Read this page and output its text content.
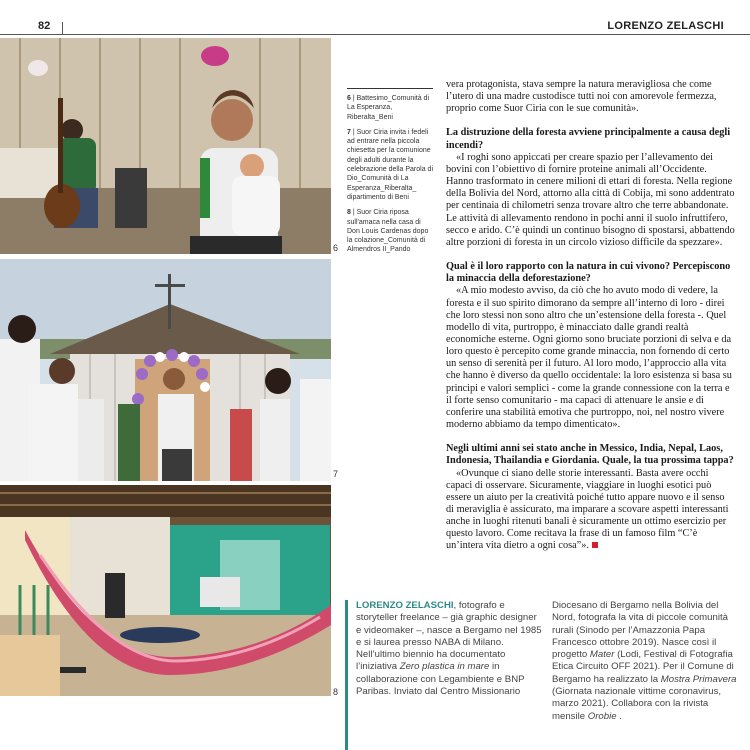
82	LORENZO ZELASCHI
6
7
8
6 | Battesimo_Comunità di La Esperanza, Riberalta_Beni
7 | Suor Ciria invita i fedeli ad entrare nella piccola chiesetta per la comunione degli adulti durante la celebrazione della Parola di Dio_Comunità di La Esperanza_Riberalta_ dipartimento di Beni
8 | Suor Ciria riposa sull'amaca nella casa di Don Louis Cardenas dopo la colazione_Comunità di Almendros II_Pando

vera protagonista, stava sempre la natura meravigliosa che come l’utero di una madre custodisce tutti noi con amorevole fermezza, proprio come Suor Ciria con le sue comunità».

La distruzione della foresta avviene principalmente a causa degli incendi?

«I roghi sono appiccati per creare spazio per l’allevamento dei bovini con l’obiettivo di fornire proteine animali all’Occidente. Hanno trasformato in cenere milioni di ettari di foresta. Nella regione della Bolivia del Nord, attorno alla città di Cobija, mi sono addentrato per centinaia di chilometri senza trovare altro che terre abbandonate. Le attività di allevamento rendono in pochi anni il suolo infruttifero, secco e arido. C’è quindi un continuo bisogno di spostarsi, abbattendo altre porzioni di foresta in un circolo vizioso difficile da spezzare».

Qual è il loro rapporto con la natura in cui vivono? Percepiscono la minaccia della deforestazione?

«A mio modesto avviso, da ciò che ho avuto modo di vedere, la foresta e il suo spirito dimorano da sempre all’interno di loro - direi che loro stessi non sono altro che un’estensione della foresta -. Quel modello di vita, purtroppo, è minacciato dalle grandi realtà economiche esterne. Ogni giorno sono bruciate porzioni di selva e da loro questo è percepito come grande minaccia, non fornendo di certo un senso di serenità per il futuro. Al loro modo, l’approccio alla vita che hanno è diverso da quello occidentale: la loro esistenza si basa su principi e valori semplici - come la grande connessione con la terra e il forte senso comunitario - ma capaci di attenuare le ansie e di conferire una stabilità emotiva che purtroppo, noi, nel nostro vivere moderno abbiamo da tempo dimenticato».

Negli ultimi anni sei stato anche in Messico, India, Nepal, Laos, Indonesia, Thailandia e Giordania. Quale, la tua prossima tappa?

«Ovunque ci siano delle storie interessanti. Basta avere occhi capaci di osservare. Sicuramente, viaggiare in luoghi esotici può essere un aiuto per la creatività poiché tutto appare nuovo e il senso di meraviglia è assicurato, ma imparare a scovare aspetti interessanti anche in luoghi ritenuti banali è sicuramente un ottimo esercizio per questo lavoro. Come recitava la frase di un famoso film “C’è un’intera vita dietro a ogni cosa”».

LORENZO ZELASCHI, fotografo e storyteller freelance – già graphic designer e videomaker –, nasce a Bergamo nel 1985 e si laurea presso NABA di Milano. Nell’ultimo biennio ha documentato l’iniziativa Zero plastica in mare in collaborazione con Legambiente e BNP Paribas. Inviato dal Centro Missionario
Diocesano di Bergamo nella Bolivia del Nord, fotografa la vita di piccole comunità rurali (Sinodo per l’Amazzonia Papa Francesco ottobre 2019). Nasce così il progetto Mater (Lodi, Festival di Fotografia Etica Circuito OFF 2021). Per il Comune di Bergamo ha realizzato la Mostra Primavera (Giornata nazionale vittime coronavirus, marzo 2021). Collabora con la rivista mensile Orobie .
